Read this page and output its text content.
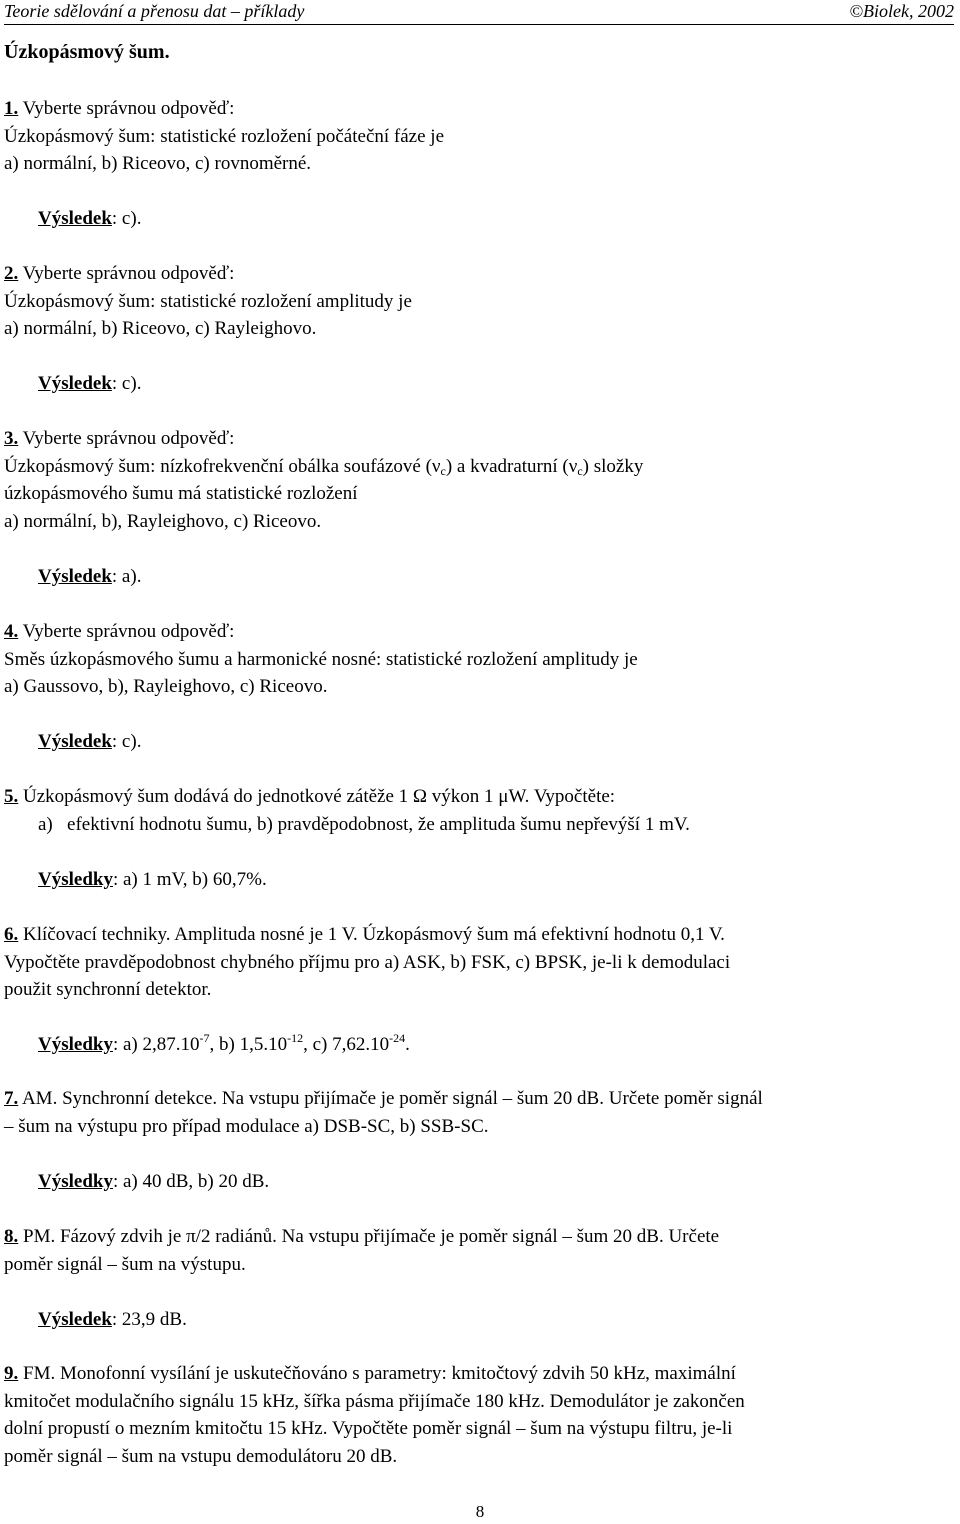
Teorie sdělování a přenosu dat – příklady	©Biolek, 2002
Úzkopásmový šum.
1. Vyberte správnou odpověď:
Úzkopásmový šum: statistické rozložení počáteční fáze je
a) normální, b) Riceovo, c) rovnoměrné.
Výsledek: c).
2. Vyberte správnou odpověď:
Úzkopásmový šum: statistické rozložení amplitudy je
a) normální, b) Riceovo, c) Rayleighovo.
Výsledek: c).
3. Vyberte správnou odpověď:
Úzkopásmový šum: nízkofrekvenční obálka soufázové $(\nu_c)$ a kvadraturní $(\nu_c)$ složky
úzkopásmového šumu má statistické rozložení
a) normální, b), Rayleighovo, c) Riceovo.
Výsledek: a).
4. Vyberte správnou odpověď:
Směs úzkopásmového šumu a harmonické nosné: statistické rozložení amplitudy je
a) Gaussovo, b), Rayleighovo, c) Riceovo.
Výsledek: c).
5. Úzkopásmový šum dodává do jednotkové zátěže 1 Ω výkon 1 μW. Vypočtěte:
a)   efektivní hodnotu šumu, b) pravděpodobnost, že amplituda šumu nepřevýší 1 mV.
Výsledky: a) 1 mV, b) 60,7%.
6. Klíčovací techniky. Amplituda nosné je 1 V. Úzkopásmový šum má efektivní hodnotu 0,1 V.
Vypočtěte pravděpodobnost chybného příjmu pro a) ASK, b) FSK, c) BPSK, je-li k demodulaci
použit synchronní detektor.
Výsledky: a) $2,87.10^{-7}$, b) $1,5.10^{-12}$, c) $7,62.10^{-24}$.
7. AM. Synchronní detekce. Na vstupu přijímače je poměr signál – šum 20 dB. Určete poměr signál
– šum na výstupu pro případ modulace a) DSB-SC, b) SSB-SC.
Výsledky: a) 40 dB, b) 20 dB.
8. PM. Fázový zdvih je π/2 radiánů. Na vstupu přijímače je poměr signál – šum 20 dB. Určete
poměr signál – šum na výstupu.
Výsledek: 23,9 dB.
9. FM. Monofonní vysílání je uskutečňováno s parametry: kmitočtový zdvih 50 kHz, maximální
kmitočet modulačního signálu 15 kHz, šířka pásma přijímače 180 kHz. Demodulátor je zakončen
dolní propustí o mezním kmitočtu 15 kHz. Vypočtěte poměr signál – šum na výstupu filtru, je-li
poměr signál – šum na vstupu demodulátoru 20 dB.
8
